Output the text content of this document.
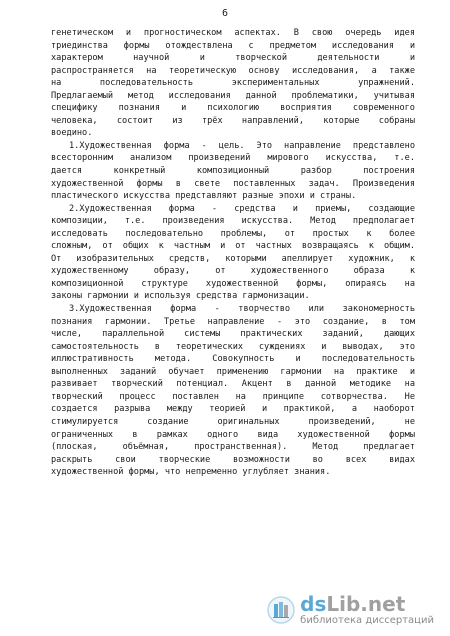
6
генетическом и прогностическом аспектах. В свою очередь идея
триединства формы отождествлена с предметом исследования и
характером научной и творческой деятельности и
распространяется на теоретическую основу исследования, а также
на последовательность экспериментальных упражнений.
Предлагаемый метод исследования данной проблематики, учитывая
специфику познания и психологию восприятия современного
человека, состоит из трёх направлений, которые собраны
воедино.
1.Художественная форма - цель. Это направление представлено
всесторонним анализом произведений мирового искусства, т.е.
дается конкретный композиционный разбор построения
художественной формы в свете поставленных задач. Произведения
пластического искусства представляют разные эпохи и страны.
2.Художественная форма - средства и приемы, создающие
композиции, т.е. произведения искусства. Метод предполагает
исследовать последовательно проблемы, от простых к более
сложным, от общих к частным и от частных возвращаясь к общим.
От изобразительных средств, которыми апеллирует художник, к
художественному образу, от художественного образа к
композиционной структуре художественной формы, опираясь на
законы гармонии и используя средства гармонизации.
3.Художественная форма - творчество или закономерность
познания гармонии. Третье направление - это создание, в том
числе, параллельной системы практических заданий, дающих
самостоятельность в теоретических суждениях и выводах, это
иллюстративность метода. Совокупность и последовательность
выполненных заданий обучает применению гармонии на практике и
развивает творческий потенциал. Акцент в данной методике на
творческий процесс поставлен на принципе сотворчества. Не
создается разрыва между теорией и практикой, а наоборот
стимулируется создание оригинальных произведений, не
ограниченных в рамках одного вида художественной формы
(плоская, объёмная, пространственная). Метод предлагает
раскрыть свои творческие возможности во всех видах
художественной формы, что непременно углубляет знания.
dsLib.net
библиотека диссертаций
